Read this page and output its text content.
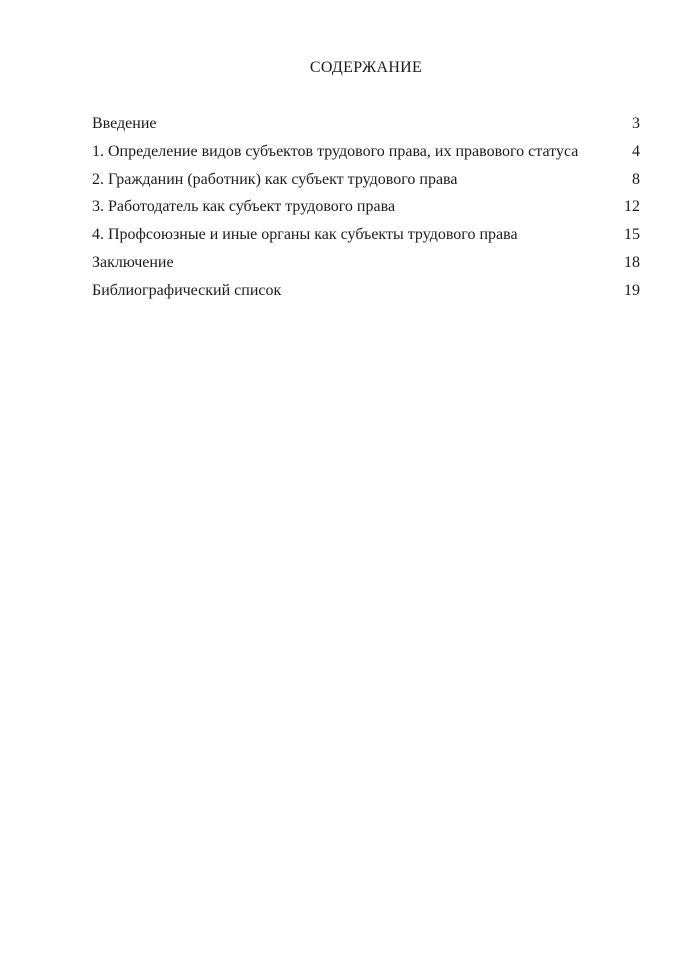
СОДЕРЖАНИЕ
Введение	3
1. Определение видов субъектов трудового права, их правового статуса	4
2. Гражданин (работник) как субъект трудового права	8
3. Работодатель как субъект трудового права	12
4. Профсоюзные и иные органы как субъекты трудового права	15
Заключение	18
Библиографический список	19
